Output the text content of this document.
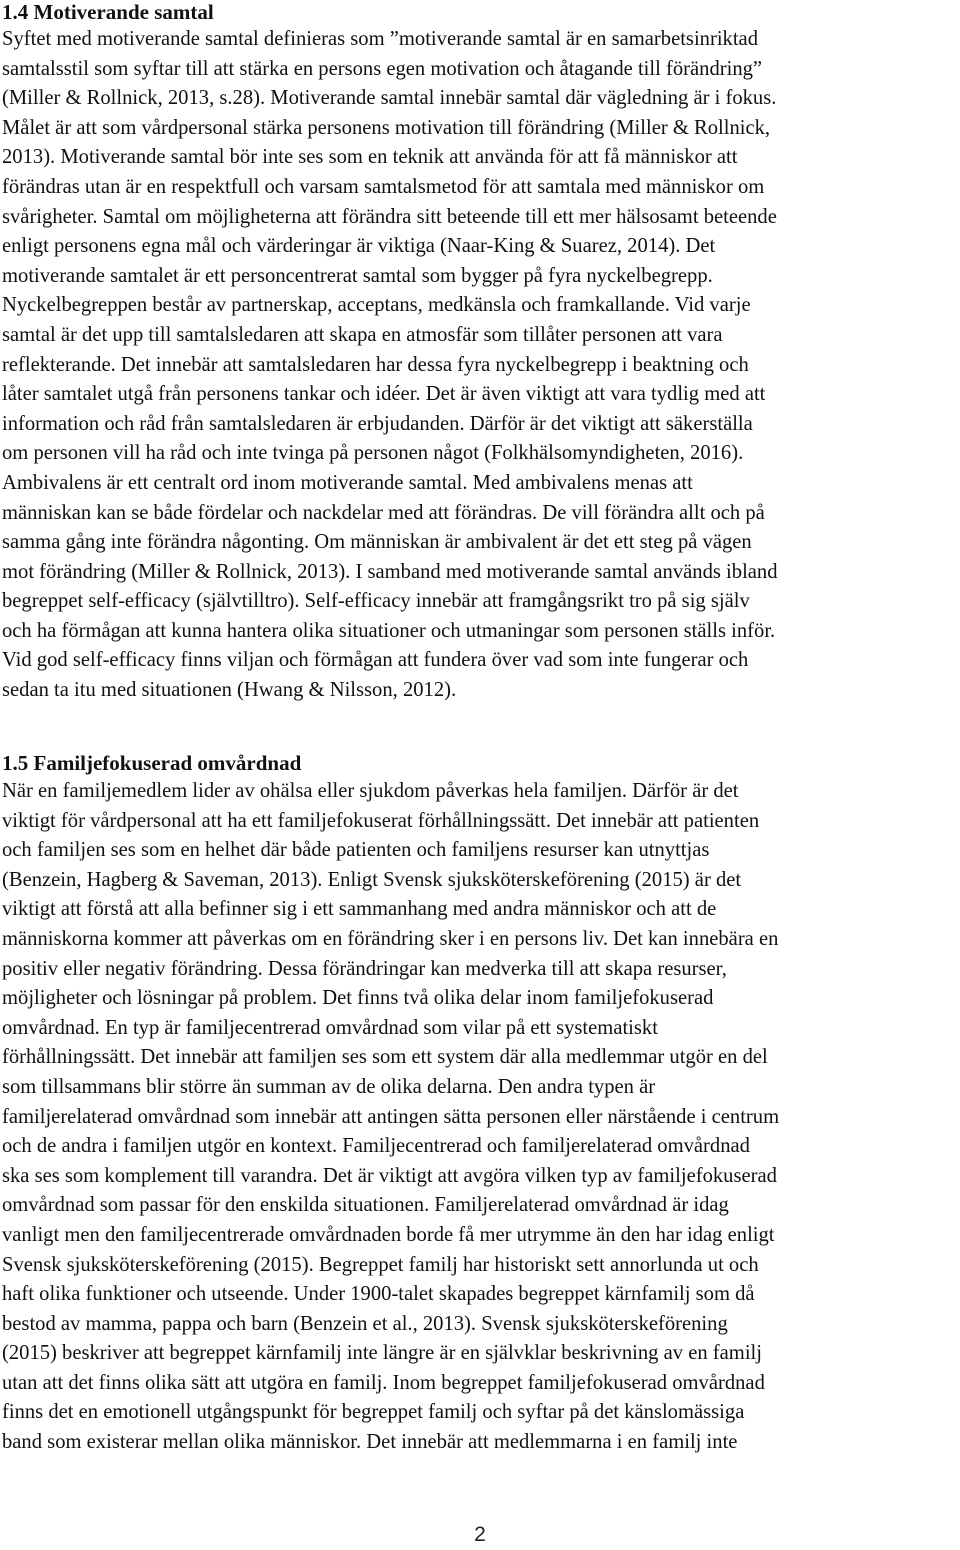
1.4 Motiverande samtal
Syftet med motiverande samtal definieras som ”motiverande samtal är en samarbetsinriktad
samtalsstil som syftar till att stärka en persons egen motivation och åtagande till förändring”
(Miller & Rollnick, 2013, s.28). Motiverande samtal innebär samtal där vägledning är i fokus.
Målet är att som vårdpersonal stärka personens motivation till förändring (Miller & Rollnick,
2013). Motiverande samtal bör inte ses som en teknik att använda för att få människor att
förändras utan är en respektfull och varsam samtalsmetod för att samtala med människor om
svårigheter. Samtal om möjligheterna att förändra sitt beteende till ett mer hälsosamt beteende
enligt personens egna mål och värderingar är viktiga (Naar-King & Suarez, 2014). Det
motiverande samtalet är ett personcentrerat samtal som bygger på fyra nyckelbegrepp.
Nyckelbegreppen består av partnerskap, acceptans, medkänsla och framkallande. Vid varje
samtal är det upp till samtalsledaren att skapa en atmosfär som tillåter personen att vara
reflekterande. Det innebär att samtalsledaren har dessa fyra nyckelbegrepp i beaktning och
låter samtalet utgå från personens tankar och idéer. Det är även viktigt att vara tydlig med att
information och råd från samtalsledaren är erbjudanden. Därför är det viktigt att säkerställa
om personen vill ha råd och inte tvinga på personen något (Folkhälsomyndigheten, 2016).
Ambivalens är ett centralt ord inom motiverande samtal. Med ambivalens menas att
människan kan se både fördelar och nackdelar med att förändras. De vill förändra allt och på
samma gång inte förändra någonting. Om människan är ambivalent är det ett steg på vägen
mot förändring (Miller & Rollnick, 2013). I samband med motiverande samtal används ibland
begreppet self-efficacy (självtilltro). Self-efficacy innebär att framgångsrikt tro på sig själv
och ha förmågan att kunna hantera olika situationer och utmaningar som personen ställs inför.
Vid god self-efficacy finns viljan och förmågan att fundera över vad som inte fungerar och
sedan ta itu med situationen (Hwang & Nilsson, 2012).
1.5 Familjefokuserad omvårdnad
När en familjemedlem lider av ohälsa eller sjukdom påverkas hela familjen. Därför är det
viktigt för vårdpersonal att ha ett familjefokuserat förhållningssätt. Det innebär att patienten
och familjen ses som en helhet där både patienten och familjens resurser kan utnyttjas
(Benzein, Hagberg & Saveman, 2013). Enligt Svensk sjuksköterskeförening (2015) är det
viktigt att förstå att alla befinner sig i ett sammanhang med andra människor och att de
människorna kommer att påverkas om en förändring sker i en persons liv. Det kan innebära en
positiv eller negativ förändring. Dessa förändringar kan medverka till att skapa resurser,
möjligheter och lösningar på problem. Det finns två olika delar inom familjefokuserad
omvårdnad. En typ är familjecentrerad omvårdnad som vilar på ett systematiskt
förhållningssätt. Det innebär att familjen ses som ett system där alla medlemmar utgör en del
som tillsammans blir större än summan av de olika delarna. Den andra typen är
familjerelaterad omvårdnad som innebär att antingen sätta personen eller närstående i centrum
och de andra i familjen utgör en kontext. Familjecentrerad och familjerelaterad omvårdnad
ska ses som komplement till varandra. Det är viktigt att avgöra vilken typ av familjefokuserad
omvårdnad som passar för den enskilda situationen. Familjerelaterad omvårdnad är idag
vanligt men den familjecentrerade omvårdnaden borde få mer utrymme än den har idag enligt
Svensk sjuksköterskeförening (2015). Begreppet familj har historiskt sett annorlunda ut och
haft olika funktioner och utseende. Under 1900-talet skapades begreppet kärnfamilj som då
bestod av mamma, pappa och barn (Benzein et al., 2013). Svensk sjuksköterskeförening
(2015) beskriver att begreppet kärnfamilj inte längre är en självklar beskrivning av en familj
utan att det finns olika sätt att utgöra en familj. Inom begreppet familjefokuserad omvårdnad
finns det en emotionell utgångspunkt för begreppet familj och syftar på det känslomässiga
band som existerar mellan olika människor. Det innebär att medlemmarna i en familj inte
2
